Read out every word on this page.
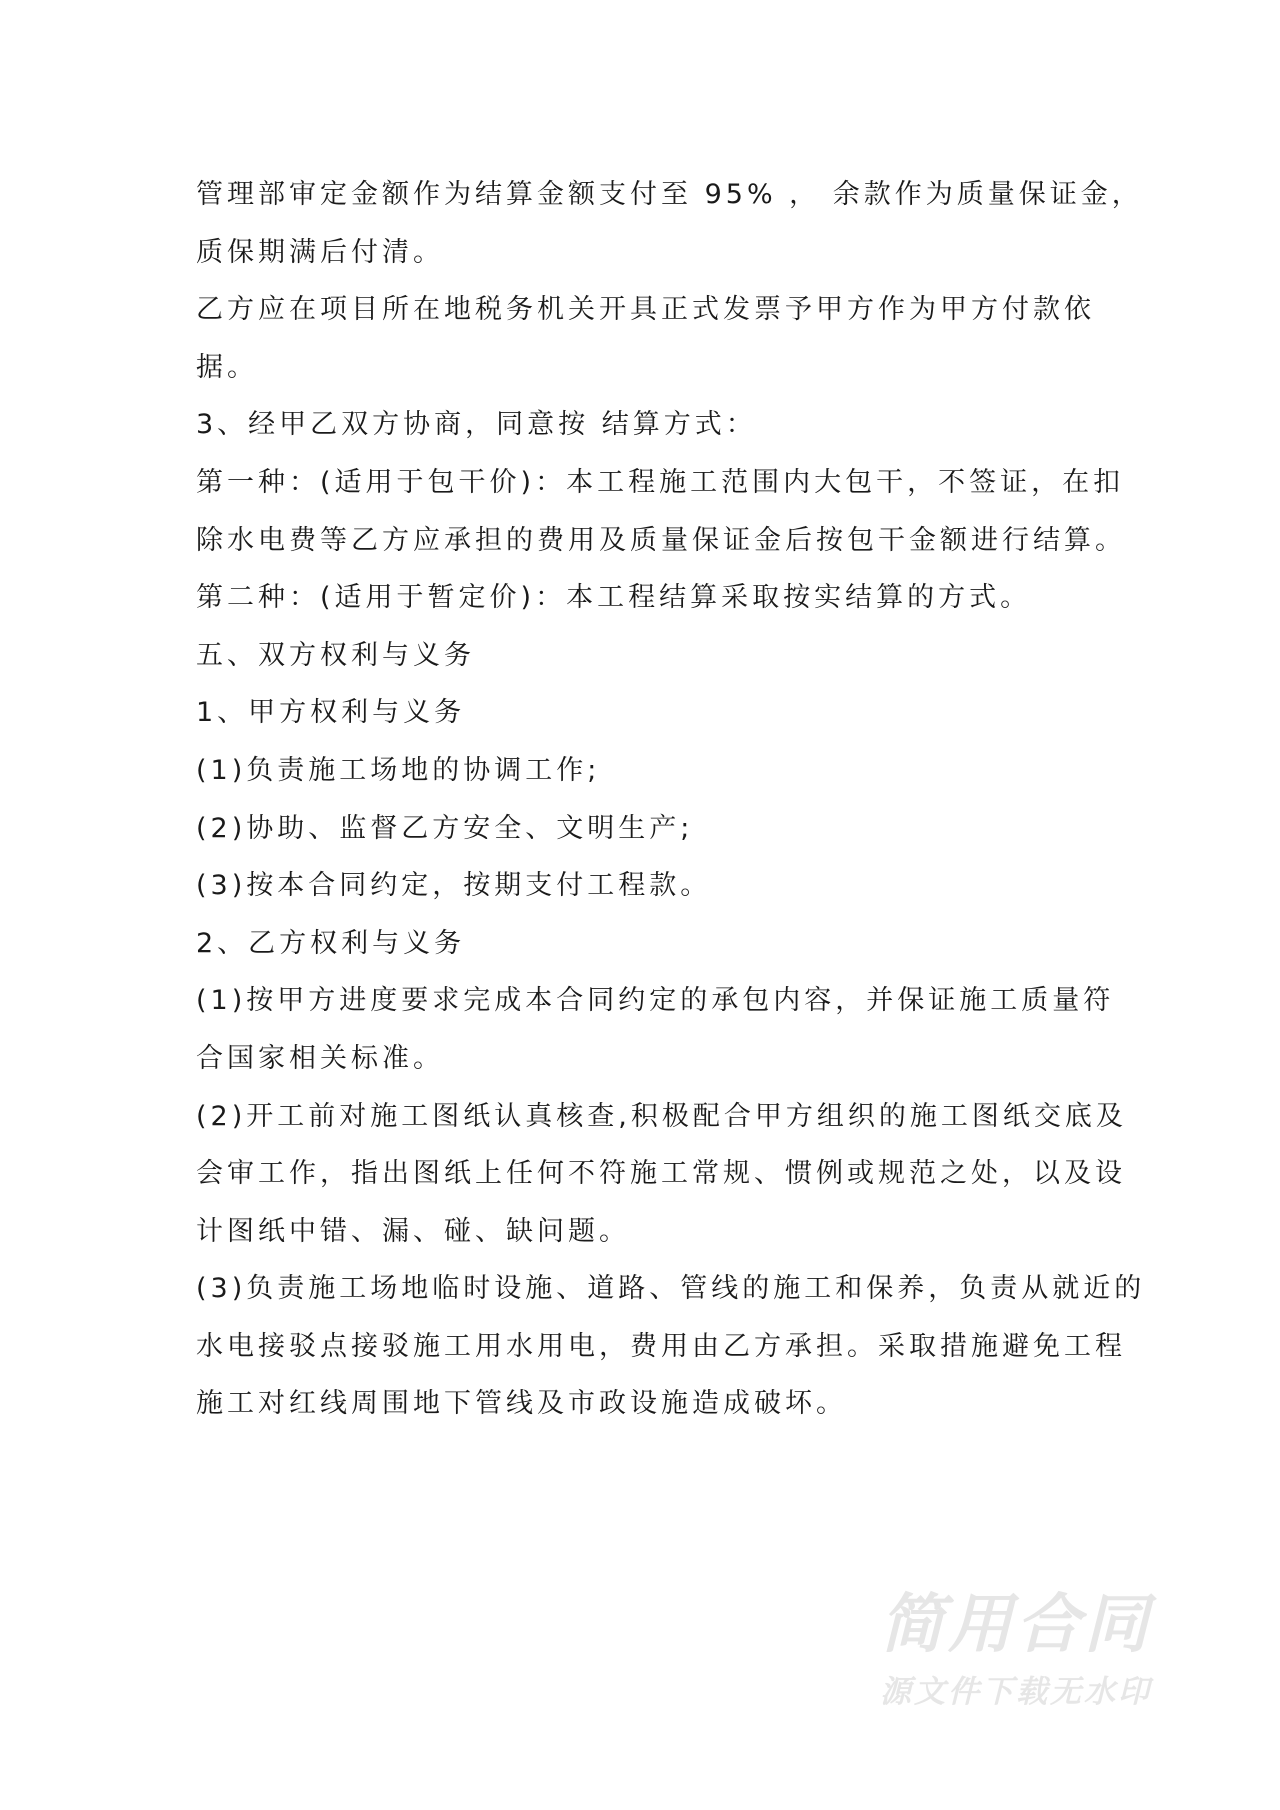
管理部审定金额作为结算金额支付至 95% ， 余款作为质量保证金，
质保期满后付清。
乙方应在项目所在地税务机关开具正式发票予甲方作为甲方付款依
据。
3、经甲乙双方协商，同意按 结算方式：
第一种：(适用于包干价)：本工程施工范围内大包干，不签证，在扣
除水电费等乙方应承担的费用及质量保证金后按包干金额进行结算。
第二种：(适用于暂定价)：本工程结算采取按实结算的方式。
五、双方权利与义务
1、甲方权利与义务
(1)负责施工场地的协调工作;
(2)协助、监督乙方安全、文明生产;
(3)按本合同约定，按期支付工程款。
2、乙方权利与义务
(1)按甲方进度要求完成本合同约定的承包内容，并保证施工质量符
合国家相关标准。
(2)开工前对施工图纸认真核查,积极配合甲方组织的施工图纸交底及
会审工作，指出图纸上任何不符施工常规、惯例或规范之处，以及设
计图纸中错、漏、碰、缺问题。
(3)负责施工场地临时设施、道路、管线的施工和保养，负责从就近的
水电接驳点接驳施工用水用电，费用由乙方承担。采取措施避免工程
施工对红线周围地下管线及市政设施造成破坏。
简用合同
源文件下载无水印
